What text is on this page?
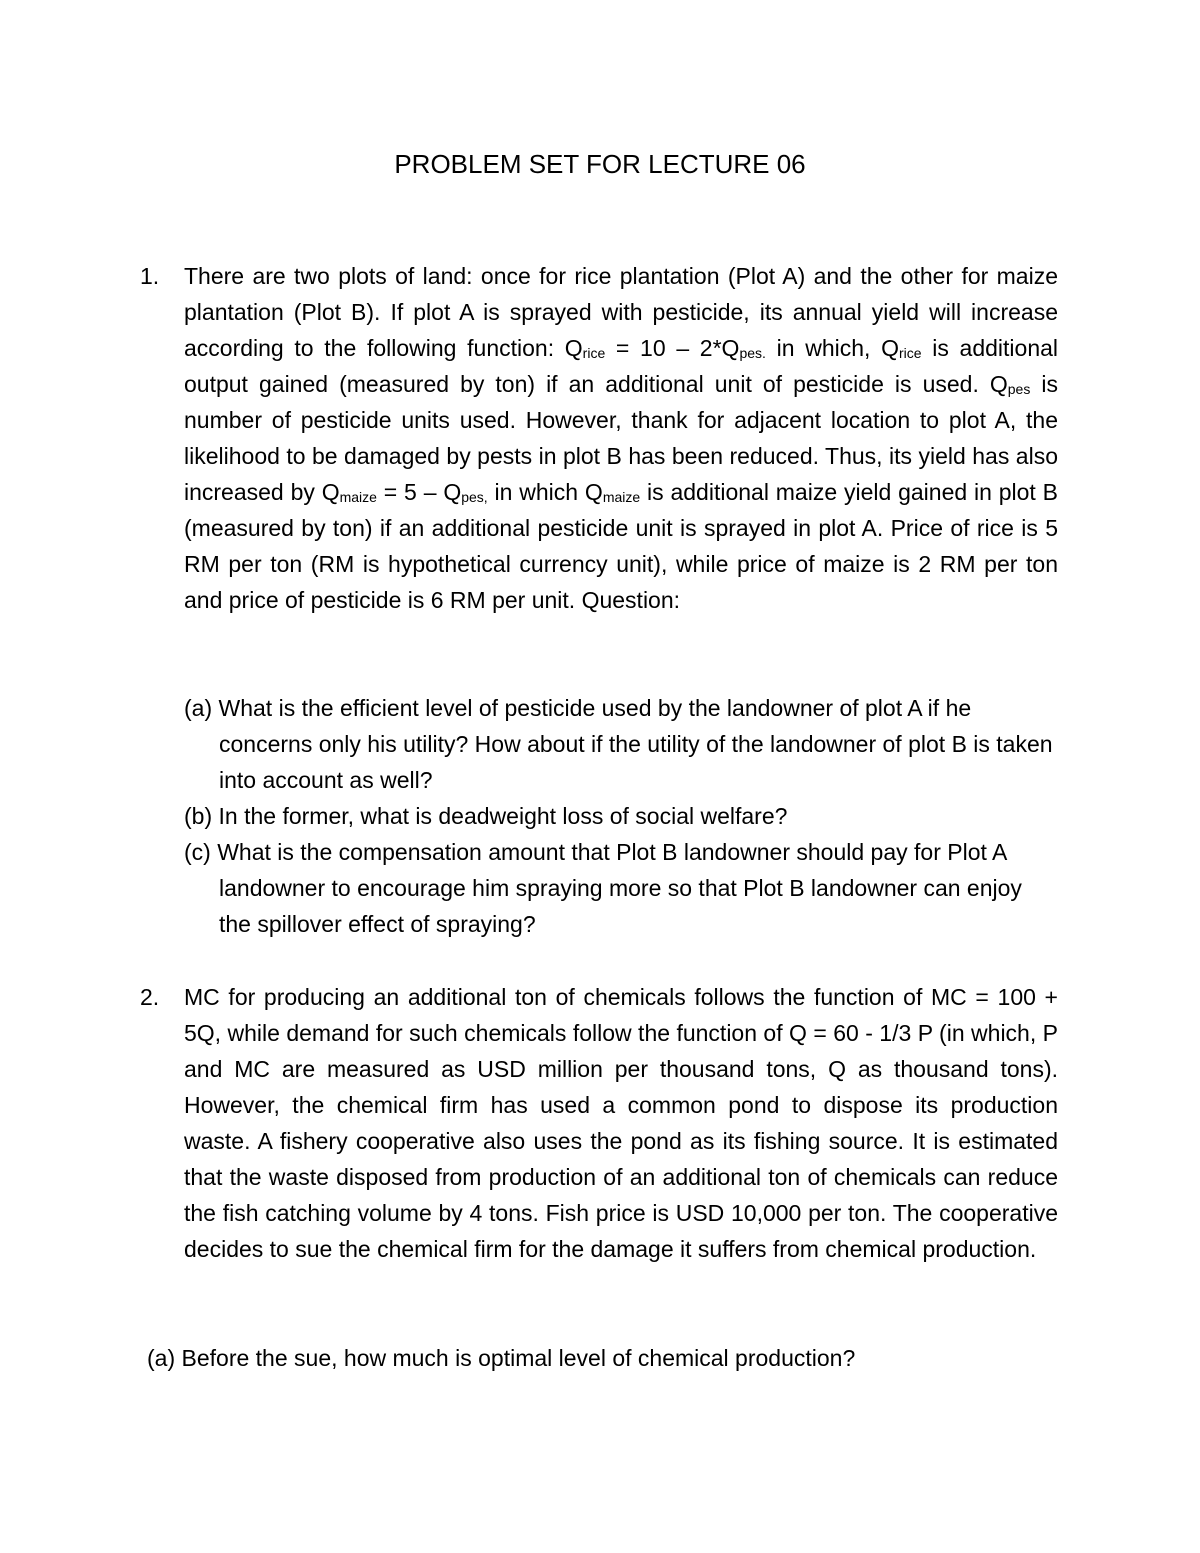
PROBLEM SET FOR LECTURE 06
1. There are two plots of land: once for rice plantation (Plot A) and the other for maize plantation (Plot B). If plot A is sprayed with pesticide, its annual yield will increase according to the following function: $Q_{rice} = 10 - 2*Q_{pes.}$ in which, $Q_{rice}$ is additional output gained (measured by ton) if an additional unit of pesticide is used. $Q_{pes}$ is number of pesticide units used. However, thank for adjacent location to plot A, the likelihood to be damaged by pests in plot B has been reduced. Thus, its yield has also increased by $Q_{maize} = 5 - Q_{pes,}$ in which $Q_{maize}$ is additional maize yield gained in plot B (measured by ton) if an additional pesticide unit is sprayed in plot A. Price of rice is 5 RM per ton (RM is hypothetical currency unit), while price of maize is 2 RM per ton and price of pesticide is 6 RM per unit. Question:
(a) What is the efficient level of pesticide used by the landowner of plot A if he concerns only his utility? How about if the utility of the landowner of plot B is taken into account as well?
(b) In the former, what is deadweight loss of social welfare?
(c) What is the compensation amount that Plot B landowner should pay for Plot A landowner to encourage him spraying more so that Plot B landowner can enjoy the spillover effect of spraying?
2. MC for producing an additional ton of chemicals follows the function of MC = 100 + 5Q, while demand for such chemicals follow the function of Q = 60 - 1/3 P (in which, P and MC are measured as USD million per thousand tons, Q as thousand tons). However, the chemical firm has used a common pond to dispose its production waste. A fishery cooperative also uses the pond as its fishing source. It is estimated that the waste disposed from production of an additional ton of chemicals can reduce the fish catching volume by 4 tons. Fish price is USD 10,000 per ton. The cooperative decides to sue the chemical firm for the damage it suffers from chemical production.
(a) Before the sue, how much is optimal level of chemical production?
